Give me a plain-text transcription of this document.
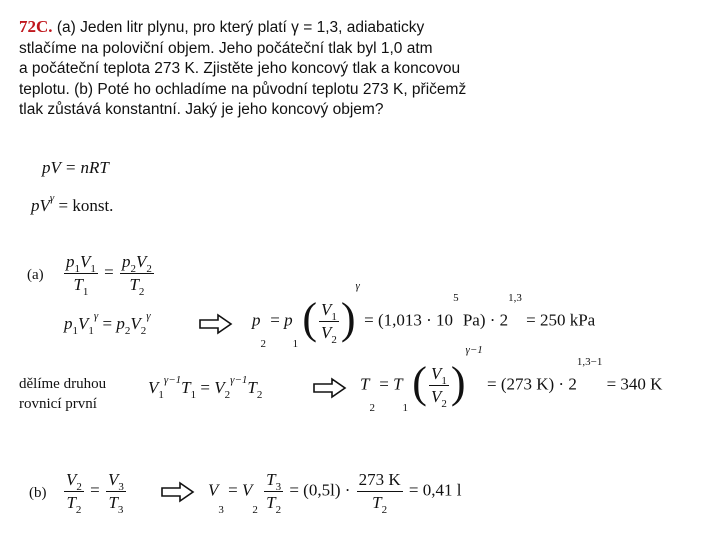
72C. (a) Jeden litr plynu, pro který platí γ = 1,3, adiabaticky
stlačíme na poloviční objem. Jeho počáteční tlak byl 1,0 atm
a počáteční teplota 273 K. Zjistěte jeho koncový tlak a koncovou
teplotu. (b) Poté ho ochladíme na původní teplotu 273 K, přičemž
tlak zůstává konstantní. Jaký je jeho koncový objem?
pV = nRT
$pV^\gamma$ = konst.
$(a) \frac{p1V1}{T1} = \frac{p2V2}{T2}$
$p1V1^\gamma = p2V2^\gamma$	p2 = p1 ( $\frac{V1}{V2} )^\gamma = (1,013 \cdot 10^5$ $Pa) \cdot 2^{1,3} = 250$ kPa
dělíme druhou
rovnicí první
$V1^{\gamma-1}T1 = V2^{\gamma-1}T2$
T2 = T1 ( $\frac{V1}{V2} )^{\gamma-1} = (273$ $K) \cdot 2^{1,3-1} = 340$ K
$(b) \frac{V2}{T2} = \frac{V3}{T3}$	$V3 = V2 \frac{T3}{T2} = (0,5l) \cdot \frac{273 K}{T2} = 0,41$ l
